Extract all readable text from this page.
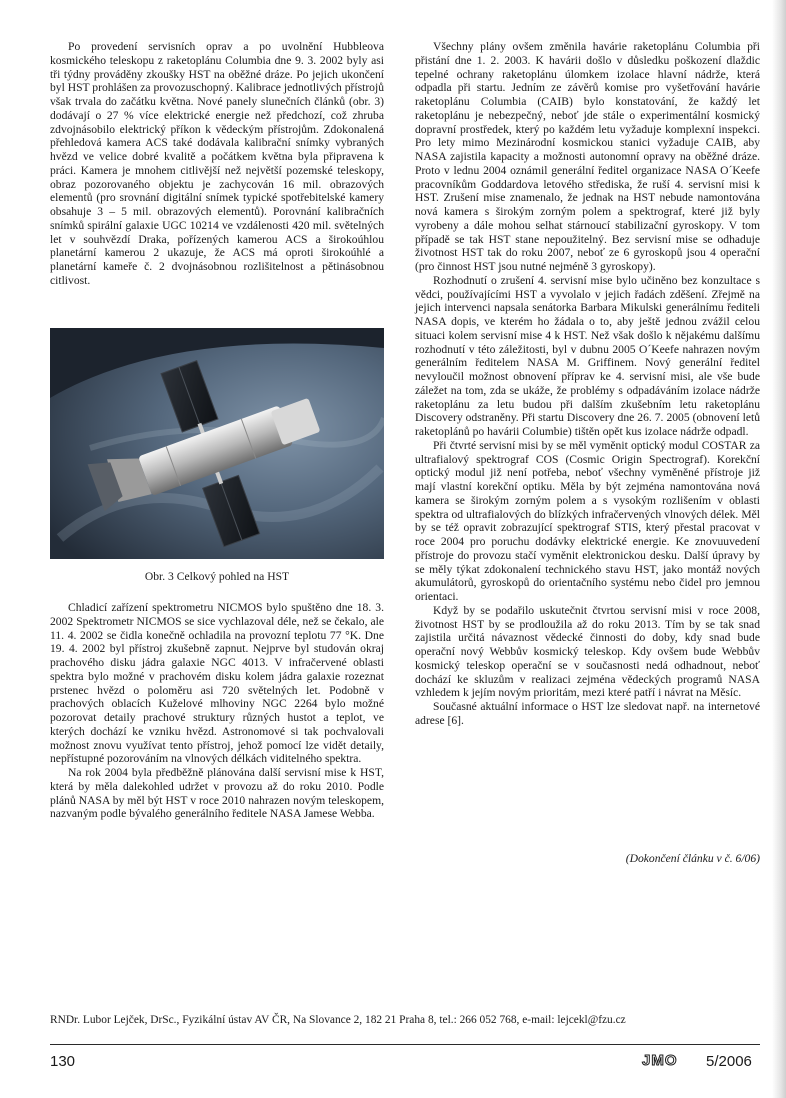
Po provedení servisních oprav a po uvolnění Hubbleova kosmického teleskopu z raketoplánu Columbia dne 9. 3. 2002 byly asi tři týdny prováděny zkoušky HST na oběžné dráze. Po jejich ukončení byl HST prohlášen za provozuschopný. Kalibrace jednotlivých přístrojů však trvala do začátku května. Nové panely slunečních článků (obr. 3) dodávají o 27 % více elektrické energie než předchozí, což zhruba zdvojnásobilo elektrický příkon k vědeckým přístrojům. Zdokonalená přehledová kamera ACS také dodávala kalibrační snímky vybraných hvězd ve velice dobré kvalitě a počátkem května byla připravena k práci. Kamera je mnohem citlivější než největší pozemské teleskopy, obraz pozorovaného objektu je zachycován 16 mil. obrazových elementů (pro srovnání digitální snímek typické spotřebitelské kamery obsahuje 3 – 5 mil. obrazových elementů). Porovnání kalibračních snímků spirální galaxie UGC 10214 ve vzdálenosti 420 mil. světelných let v souhvězdí Draka, pořízených kamerou ACS a širokoúhlou planetární kamerou 2 ukazuje, že ACS má oproti širokoúhlé a planetární kameře č. 2 dvojnásobnou rozlišitelnost a pětinásobnou citlivost.

Obr. 3 Celkový pohled na HST

Chladicí zařízení spektrometru NICMOS bylo spuštěno dne 18. 3. 2002 Spektrometr NICMOS se sice vychlazoval déle, než se čekalo, ale 11. 4. 2002 se čidla konečně ochladila na provozní teplotu 77 °K. Dne 19. 4. 2002 byl přístroj zkušebně zapnut. Nejprve byl studován okraj prachového disku jádra galaxie NGC 4013. V infračervené oblasti spektra bylo možné v prachovém disku kolem jádra galaxie rozeznat prstenec hvězd o poloměru asi 720 světelných let. Podobně v prachových oblacích Kuželové mlhoviny NGC 2264 bylo možné pozorovat detaily prachové struktury různých hustot a teplot, ve kterých dochází ke vzniku hvězd. Astronomové si tak pochvalovali možnost znovu využívat tento přístroj, jehož pomocí lze vidět detaily, nepřístupné pozorováním na vlnových délkách viditelného spektra.

Na rok 2004 byla předběžně plánována další servisní mise k HST, která by měla dalekohled udržet v provozu až do roku 2010. Podle plánů NASA by měl být HST v roce 2010 nahrazen novým teleskopem, nazvaným podle bývalého generálního ředitele NASA Jamese Webba.

Všechny plány ovšem změnila havárie raketoplánu Columbia při přistání dne 1. 2. 2003. K havárii došlo v důsledku poškození dlaždic tepelné ochrany raketoplánu úlomkem izolace hlavní nádrže, která odpadla při startu. Jedním ze závěrů komise pro vyšetřování havárie raketoplánu Columbia (CAIB) bylo konstatování, že každý let raketoplánu je nebezpečný, neboť jde stále o experimentální kosmický dopravní prostředek, který po každém letu vyžaduje komplexní inspekci. Pro lety mimo Mezinárodní kosmickou stanici vyžaduje CAIB, aby NASA zajistila kapacity a možnosti autonomní opravy na oběžné dráze. Proto v lednu 2004 oznámil generální ředitel organizace NASA O´Keefe pracovníkům Goddardova letového střediska, že ruší 4. servisní misi k HST. Zrušení mise znamenalo, že jednak na HST nebude namontována nová kamera s širokým zorným polem a spektrograf, které již byly vyrobeny a dále mohou selhat stárnoucí stabilizační gyroskopy. V tom případě se tak HST stane nepoužitelný. Bez servisní mise se odhaduje životnost HST tak do roku 2007, neboť ze 6 gyroskopů jsou 4 operační (pro činnost HST jsou nutné nejméně 3 gyroskopy).

Rozhodnutí o zrušení 4. servisní mise bylo učiněno bez konzultace s vědci, používajícími HST a vyvolalo v jejich řadách zděšení. Zřejmě na jejich intervenci napsala senátorka Barbara Mikulski generálnímu řediteli NASA dopis, ve kterém ho žádala o to, aby ještě jednou zvážil celou situaci kolem servisní mise 4 k HST. Než však došlo k nějakému dalšímu rozhodnutí v této záležitosti, byl v dubnu 2005 O´Keefe nahrazen novým generálním ředitelem NASA M. Griffinem. Nový generální ředitel nevyloučil možnost obnovení příprav ke 4. servisní misi, ale vše bude záležet na tom, zda se ukáže, že problémy s odpadáváním izolace nádrže raketoplánu za letu budou při dalším zkušebním letu raketoplánu Discovery odstraněny. Při startu Discovery dne 26. 7. 2005 (obnovení letů raketoplánů po havárii Columbie) tištěn opět kus izolace nádrže odpadl.

Při čtvrté servisní misi by se měl vyměnit optický modul COSTAR za ultrafialový spektrograf COS (Cosmic Origin Spectrograf). Korekční optický modul již není potřeba, neboť všechny vyměněné přístroje již mají vlastní korekční optiku. Měla by být zejména namontována nová kamera se širokým zorným polem a s vysokým rozlišením v oblasti spektra od ultrafialových do blízkých infračervených vlnových délek. Měl by se též opravit zobrazující spektrograf STIS, který přestal pracovat v roce 2004 pro poruchu dodávky elektrické energie. Ke znovuuvedení přístroje do provozu stačí vyměnit elektronickou desku. Další úpravy by se měly týkat zdokonalení technického stavu HST, jako montáž nových akumulátorů, gyroskopů do orientačního systému nebo čidel pro jemnou orientaci.

Když by se podařilo uskutečnit čtvrtou servisní misi v roce 2008, životnost HST by se prodloužila až do roku 2013. Tím by se tak snad zajistila určitá návaznost vědecké činnosti do doby, kdy snad bude operační nový Webbův kosmický teleskop. Kdy ovšem bude Webbův kosmický teleskop operační se v současnosti nedá odhadnout, neboť dochází ke skluzům v realizaci zejména vědeckých programů NASA vzhledem k jejím novým prioritám, mezi které patří i návrat na Měsíc.

Současné aktuální informace o HST lze sledovat např. na internetové adrese [6].

(Dokončení článku v č. 6/06)
RNDr. Lubor Lejček, DrSc., Fyzikální ústav AV ČR, Na Slovance 2, 182 21 Praha 8, tel.: 266 052 768, e-mail: lejcekl@fzu.cz
130	JMO 5/2006
